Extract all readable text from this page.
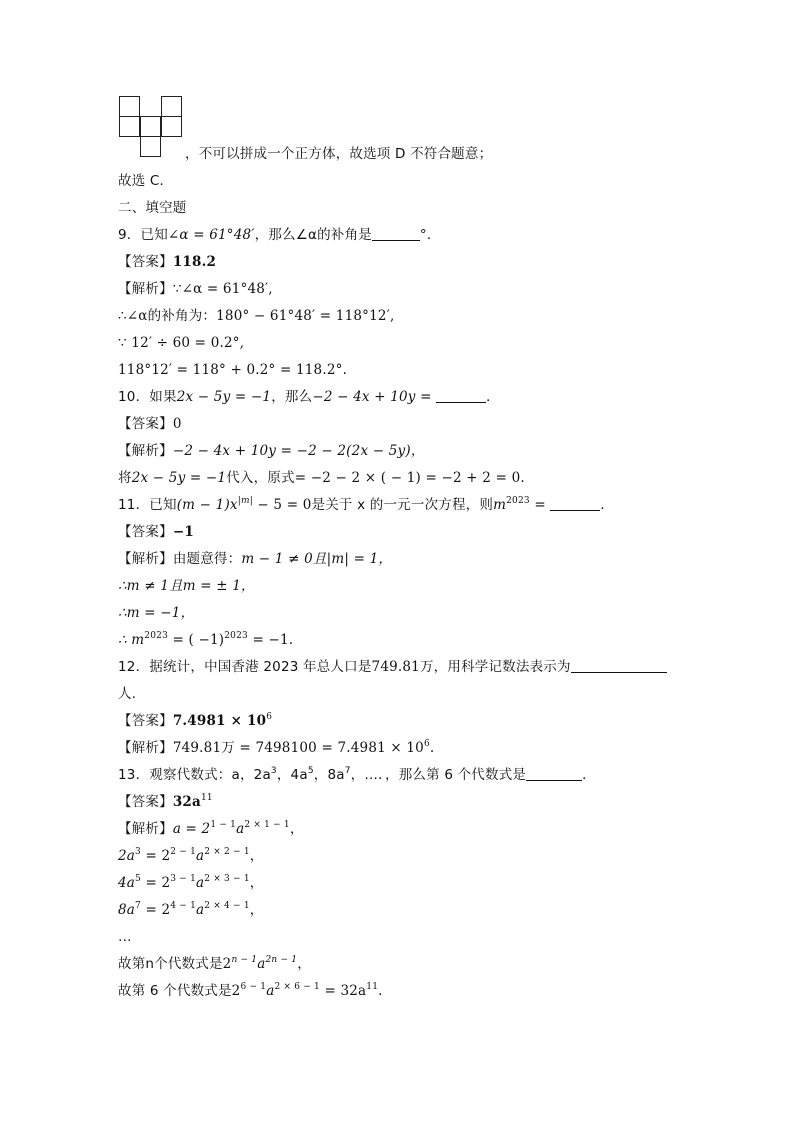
，不可以拼成一个正方体，故选项 D 不符合题意；
故选 C．
二、填空题
9．已知∠α = 61°48′，那么∠α的补角是	°．
【答案】118.2
【解析】∵∠α = 61°48′,
∴∠α的补角为：180° − 61°48′ = 118°12′,
∵ 12′ ÷ 60 = 0.2°,
118°12′ = 118° + 0.2° = 118.2°.
10．如果2x − 5y = −1，那么−2 − 4x + 10y =	．
【答案】0
【解析】−2 − 4x + 10y = −2 − 2(2x − 5y)，
将2x − 5y = −1代入，原式= −2 − 2 × ( − 1) = −2 + 2 = 0.
11．已知$(m - 1)x^{|m|} - 5 = 0$是关于 x 的一元一次方程，则$m^{2023}$ =	．
【答案】−1
【解析】由题意得：m − 1 ≠ 0且|m| = 1，
∴m ≠ 1且m = ± 1，
∴m = −1，
∴ $m^{2023}$ = ( −1)$^{2023}$ = −1.
12．据统计，中国香港 2023 年总人口是749.81万，用科学记数法表示为
人．
【答案】$7.4981 \times 10^6$
【解析】749.81万 = $7498100 = 7.4981 \times 10^6$.
13．观察代数式：a，$2a^3$，$4a^5$，$8a^7$，…．，那么第 6 个代数式是	．
【答案】$32a^{11}$
【解析】$a = 2^{1 - 1}a^{2 \times 1 - 1}$，
$2a^3 = 2^{2 - 1}a^{2 \times 2 - 1}$，
$4a^5 = 2^{3 - 1}a^{2 \times 3 - 1}$，
$8a^7 = 2^{4 - 1}a^{2 \times 4 - 1}$，
…
故第n个代数式是$2^{n - 1}a^{2n - 1}$，
故第 6 个代数式是$2^{6 - 1}a^{2 \times 6 - 1} = 32a^{11}$.
